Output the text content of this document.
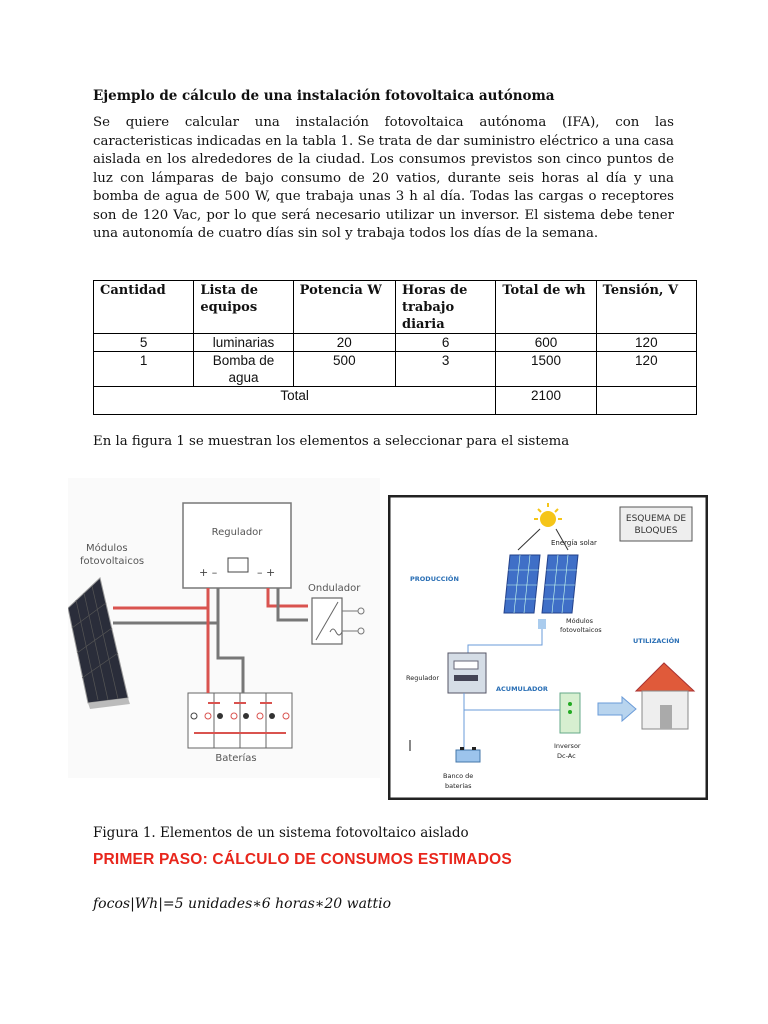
Ejemplo de cálculo de una instalación fotovoltaica autónoma
Se quiere calcular una instalación fotovoltaica autónoma (IFA), con las caracteristicas indicadas en la tabla 1. Se trata de dar suministro eléctrico a una casa aislada en los alrededores de la ciudad. Los consumos previstos son cinco puntos de luz con lámparas de bajo consumo de 20 vatios, durante seis horas al día y una bomba de agua de 500 W, que trabaja unas 3 h al día. Todas las cargas o receptores son de 120 Vac, por lo que será necesario utilizar un inversor. El sistema debe tener una autonomía de cuatro días sin sol y trabaja todos los días de la semana.
Cantidad	Lista de equipos	Potencia W	Horas de trabajo diaria	Total de wh	Tensión, V
5	luminarias	20	6	600	120
1	Bomba de agua	500	3	1500	120
Total				2100	
En la figura 1 se muestran los elementos a seleccionar para el sistema
Regulador
+ –	– +
Módulos
fotovoltaicos
Ondulador
Baterías
ESQUEMA DE
BLOQUES
Energía solar
PRODUCCIÓN
Módulos
fotovoltaicos
Regulador
ACUMULADOR
Banco de
baterías
Inversor
Dc-Ac
UTILIZACIÓN
Figura 1. Elementos de un sistema fotovoltaico aislado
PRIMER PASO: CÁLCULO DE CONSUMOS ESTIMADOS
focos|Wh|=5 unidades∗6 horas∗20 wattio
